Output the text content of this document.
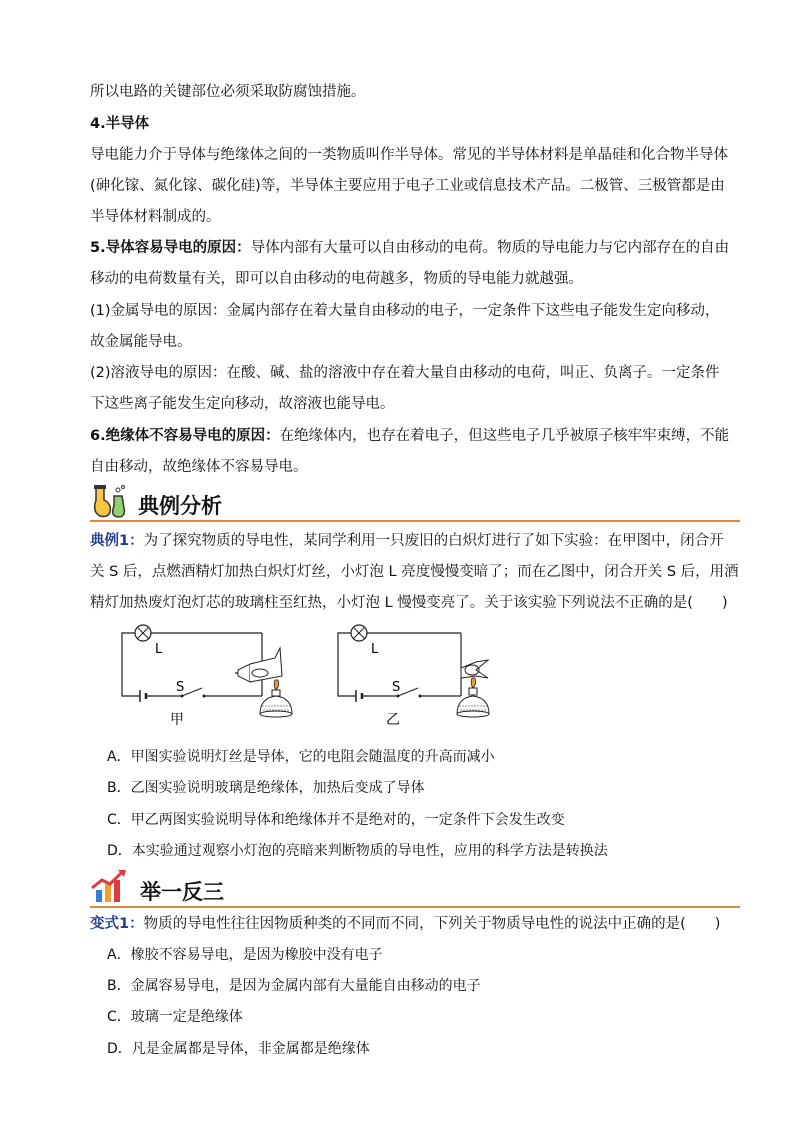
所以电路的关键部位必须采取防腐蚀措施。
4.半导体
导电能力介于导体与绝缘体之间的一类物质叫作半导体。常见的半导体材料是单晶硅和化合物半导体
(砷化镓、氮化镓、碳化硅)等，半导体主要应用于电子工业或信息技术产品。二极管、三极管都是由
半导体材料制成的。
5.导体容易导电的原因：导体内部有大量可以自由移动的电荷。物质的导电能力与它内部存在的自由
移动的电荷数量有关，即可以自由移动的电荷越多，物质的导电能力就越强。
(1)金属导电的原因：金属内部存在着大量自由移动的电子，一定条件下这些电子能发生定向移动，
故金属能导电。
(2)溶液导电的原因：在酸、碱、盐的溶液中存在着大量自由移动的电荷，叫正、负离子。一定条件
下这些离子能发生定向移动，故溶液也能导电。
6.绝缘体不容易导电的原因：在绝缘体内，也存在着电子，但这些电子几乎被原子核牢牢束缚，不能
自由移动，故绝缘体不容易导电。
典例分析
典例1：为了探究物质的导电性，某同学利用一只废旧的白炽灯进行了如下实验：在甲图中，闭合开
关 S 后，点燃酒精灯加热白炽灯灯丝，小灯泡 L 亮度慢慢变暗了；而在乙图中，闭合开关 S 后，用酒
精灯加热废灯泡灯芯的玻璃柱至红热，小灯泡 L 慢慢变亮了。关于该实验下列说法不正确的是(　　)
L
S
甲
L
S
乙
A．甲图实验说明灯丝是导体，它的电阻会随温度的升高而减小
B．乙图实验说明玻璃是绝缘体，加热后变成了导体
C．甲乙两图实验说明导体和绝缘体并不是绝对的，一定条件下会发生改变
D．本实验通过观察小灯泡的亮暗来判断物质的导电性，应用的科学方法是转换法
举一反三
变式1：物质的导电性往往因物质种类的不同而不同，下列关于物质导电性的说法中正确的是(　　)
A．橡胶不容易导电，是因为橡胶中没有电子
B．金属容易导电，是因为金属内部有大量能自由移动的电子
C．玻璃一定是绝缘体
D．凡是金属都是导体，非金属都是绝缘体
